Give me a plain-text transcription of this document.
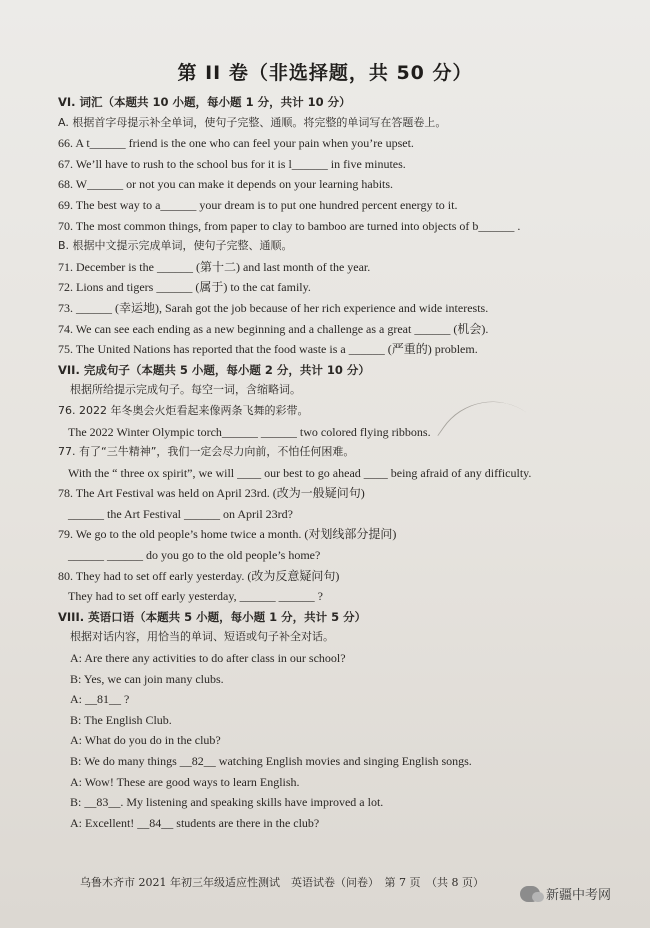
第 II 卷（非选择题，共 50 分）
VI. 词汇（本题共 10 小题，每小题 1 分，共计 10 分）
A. 根据首字母提示补全单词，使句子完整、通顺。将完整的单词写在答题卷上。
66. A t______ friend is the one who can feel your pain when you’re upset.
67. We’ll have to rush to the school bus for it is l______ in five minutes.
68. W______ or not you can make it depends on your learning habits.
69. The best way to a______ your dream is to put one hundred percent energy to it.
70. The most common things, from paper to clay to bamboo are turned into objects of b______ .
B. 根据中文提示完成单词，使句子完整、通顺。
71. December is the ______ (第十二) and last month of the year.
72. Lions and tigers ______ (属于) to the cat family.
73. ______ (幸运地), Sarah got the job because of her rich experience and wide interests.
74. We can see each ending as a new beginning and a challenge as a great ______ (机会).
75. The United Nations has reported that the food waste is a ______ (严重的) problem.
VII. 完成句子（本题共 5 小题，每小题 2 分，共计 10 分）
根据所给提示完成句子。每空一词，含缩略词。
76. 2022 年冬奥会火炬看起来像两条飞舞的彩带。
The 2022 Winter Olympic torch______ ______ two colored flying ribbons.
77. 有了“三牛精神”，我们一定会尽力向前，不怕任何困难。
With the “ three ox spirit”, we will ____ our best to go ahead ____ being afraid of any difficulty.
78. The Art Festival was held on April 23rd. (改为一般疑问句)
______ the Art Festival ______ on April 23rd?
79. We go to the old people’s home twice a month. (对划线部分提问)
______ ______ do you go to the old people’s home?
80. They had to set off early yesterday. (改为反意疑问句)
They had to set off early yesterday, ______ ______ ?
VIII. 英语口语（本题共 5 小题，每小题 1 分，共计 5 分）
根据对话内容，用恰当的单词、短语或句子补全对话。
A: Are there any activities to do after class in our school?
B: Yes, we can join many clubs.
A: __81__ ?
B: The English Club.
A: What do you do in the club?
B: We do many things __82__ watching English movies and singing English songs.
A: Wow! These are good ways to learn English.
B: __83__. My listening and speaking skills have improved a lot.
A: Excellent! __84__ students are there in the club?
乌鲁木齐市 2021 年初三年级适应性测试　英语试卷（问卷）　第 7 页　（共 8 页）
新疆中考网
